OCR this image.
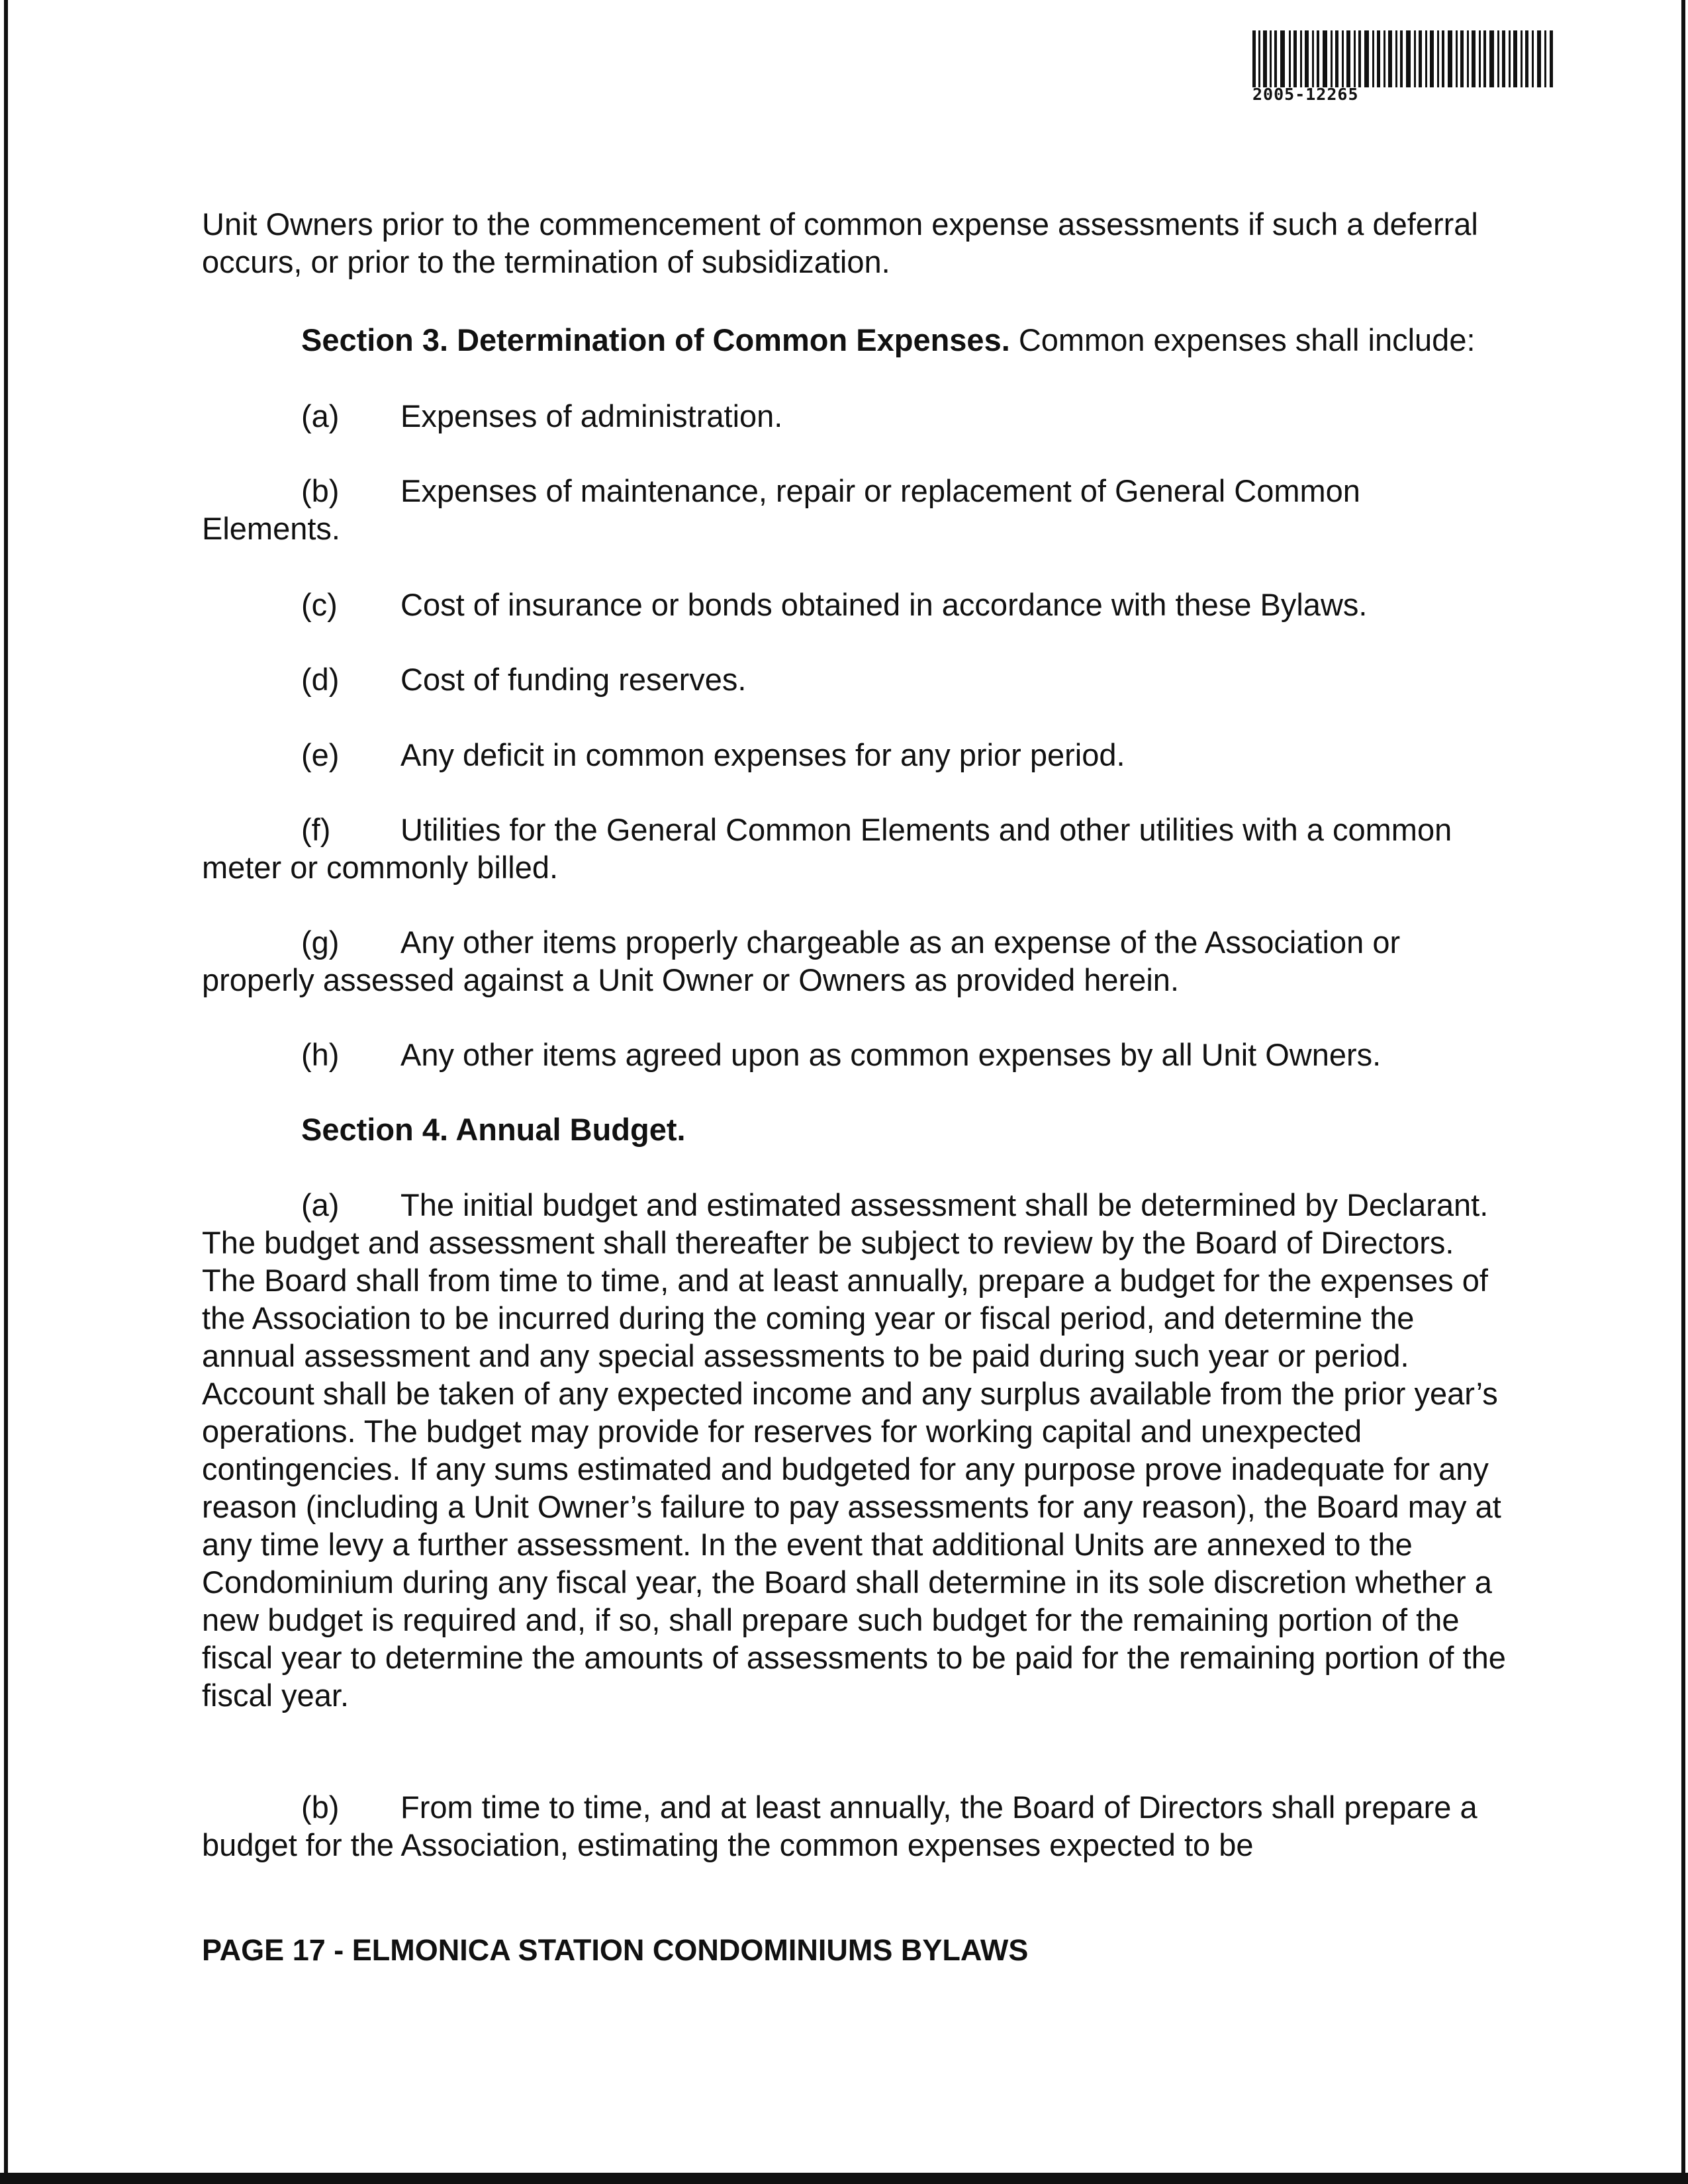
2005-12265
Unit Owners prior to the commencement of common expense assessments if such a deferral occurs, or prior to the termination of subsidization.
Section 3. Determination of Common Expenses. Common expenses shall include:
(a) Expenses of administration.
(b) Expenses of maintenance, repair or replacement of General Common Elements.
(c) Cost of insurance or bonds obtained in accordance with these Bylaws.
(d) Cost of funding reserves.
(e) Any deficit in common expenses for any prior period.
(f) Utilities for the General Common Elements and other utilities with a common meter or commonly billed.
(g) Any other items properly chargeable as an expense of the Association or properly assessed against a Unit Owner or Owners as provided herein.
(h) Any other items agreed upon as common expenses by all Unit Owners.
Section 4. Annual Budget.
(a) The initial budget and estimated assessment shall be determined by Declarant. The budget and assessment shall thereafter be subject to review by the Board of Directors. The Board shall from time to time, and at least annually, prepare a budget for the expenses of the Association to be incurred during the coming year or fiscal period, and determine the annual assessment and any special assessments to be paid during such year or period. Account shall be taken of any expected income and any surplus available from the prior year’s operations. The budget may provide for reserves for working capital and unexpected contingencies. If any sums estimated and budgeted for any purpose prove inadequate for any reason (including a Unit Owner’s failure to pay assessments for any reason), the Board may at any time levy a further assessment. In the event that additional Units are annexed to the Condominium during any fiscal year, the Board shall determine in its sole discretion whether a new budget is required and, if so, shall prepare such budget for the remaining portion of the fiscal year to determine the amounts of assessments to be paid for the remaining portion of the fiscal year.
(b) From time to time, and at least annually, the Board of Directors shall prepare a budget for the Association, estimating the common expenses expected to be
PAGE 17 - ELMONICA STATION CONDOMINIUMS BYLAWS
